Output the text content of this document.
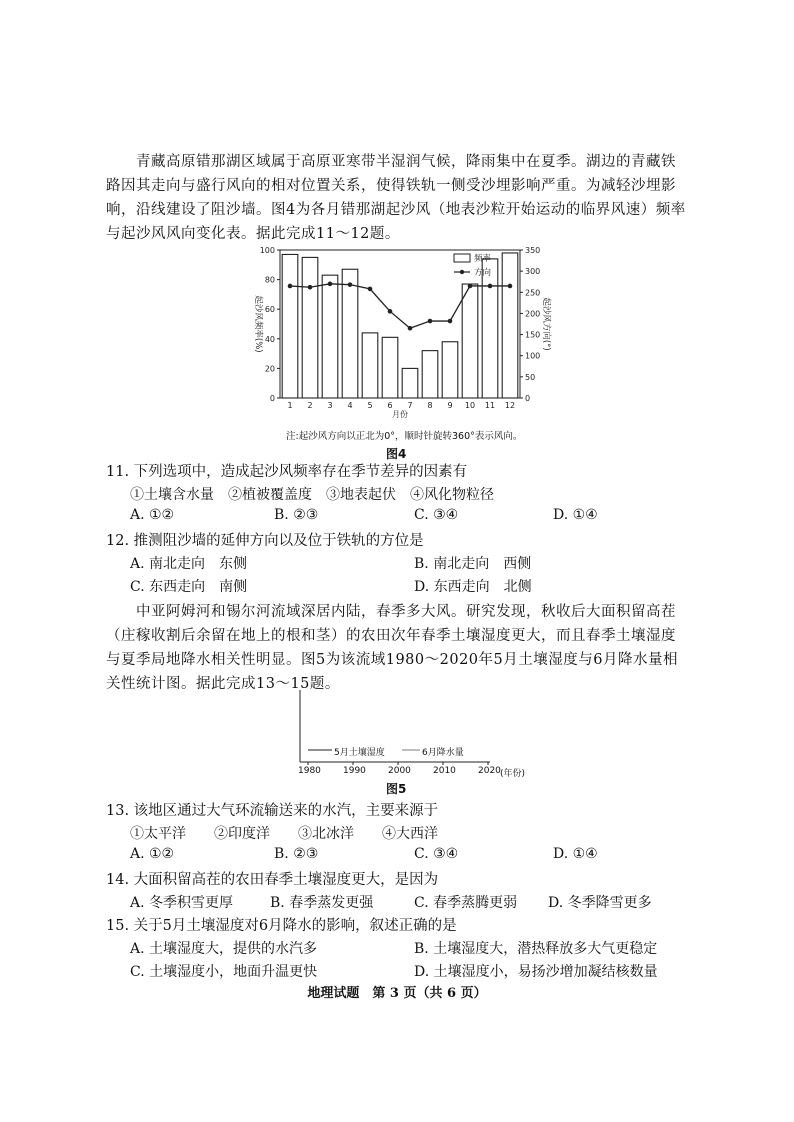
青藏高原错那湖区域属于高原亚寒带半湿润气候，降雨集中在夏季。湖边的青藏铁路因其走向与盛行风向的相对位置关系，使得铁轨一侧受沙埋影响严重。为减轻沙埋影响，沿线建设了阻沙墙。图4为各月错那湖起沙风（地表沙粒开始运动的临界风速）频率与起沙风风向变化表。据此完成11～12题。
0
20
40
60
80
100
0
50
100
150
200
250
300
350
起沙风频率(%)	起沙风方向(°)
1 2 3 4 5 6 7 8 9 10 11 12
月份
频率
方向
注:起沙风方向以正北为0°，顺时针旋转360°表示风向。
图4
11. 下列选项中，造成起沙风频率存在季节差异的因素有
①土壤含水量　②植被覆盖度　③地表起伏　④风化物粒径
A. ①②	B. ②③	C. ③④	D. ①④
12. 推测阻沙墙的延伸方向以及位于铁轨的方位是
A. 南北走向　东侧	B. 南北走向　西侧
C. 东西走向　南侧	D. 东西走向　北侧
中亚阿姆河和锡尔河流域深居内陆，春季多大风。研究发现，秋收后大面积留高茬（庄稼收割后余留在地上的根和茎）的农田次年春季土壤湿度更大，而且春季土壤湿度与夏季局地降水相关性明显。图5为该流域1980～2020年5月土壤湿度与6月降水量相关性统计图。据此完成13～15题。
5月土壤湿度	6月降水量
1980 1990 2000 2010 2020 (年份)
图5
13. 该地区通过大气环流输送来的水汽，主要来源于
①太平洋　　②印度洋　　③北冰洋　　④大西洋
A. ①②	B. ②③	C. ③④	D. ①④
14. 大面积留高茬的农田春季土壤湿度更大，是因为
A. 冬季积雪更厚	B. 春季蒸发更强	C. 春季蒸腾更弱 D. 冬季降雪更多
15. 关于5月土壤湿度对6月降水的影响，叙述正确的是
A. 土壤湿度大，提供的水汽多	B. 土壤湿度大，潜热释放多大气更稳定
C. 土壤湿度小，地面升温更快	D. 土壤湿度小，易扬沙增加凝结核数量
地理试题　第 3 页（共 6 页）
